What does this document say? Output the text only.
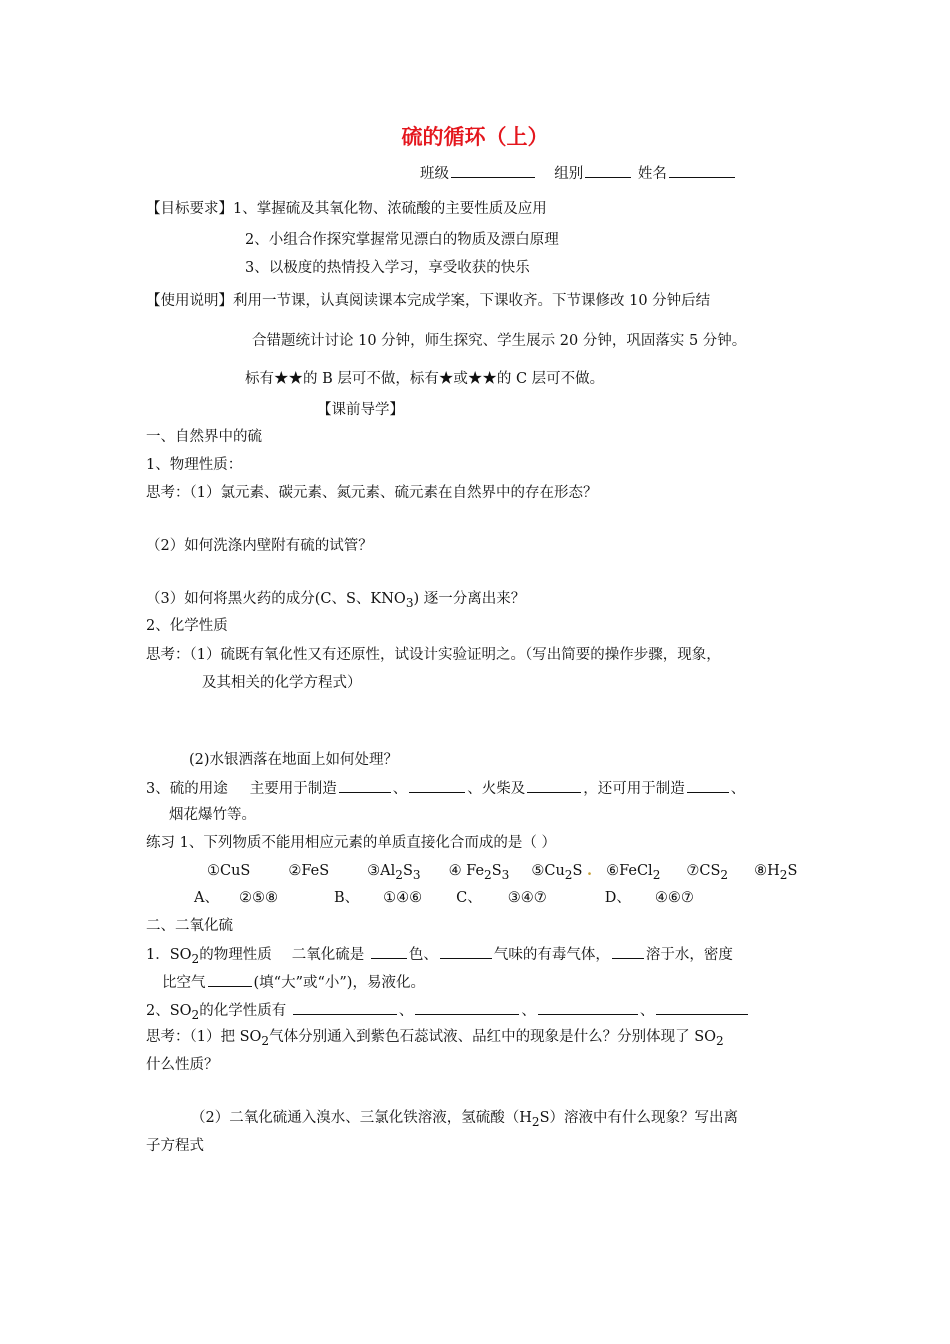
硫的循环（上）
班级	组别	姓名
【目标要求】1、掌握硫及其氧化物、浓硫酸的主要性质及应用
2、小组合作探究掌握常见漂白的物质及漂白原理
3、以极度的热情投入学习，享受收获的快乐
【使用说明】利用一节课，认真阅读课本完成学案，下课收齐。下节课修改 10 分钟后结
合错题统计讨论 10 分钟，师生探究、学生展示 20 分钟，巩固落实 5 分钟。
标有★★的 B 层可不做，标有★或★★的 C 层可不做。
【课前导学】
一、自然界中的硫
1、物理性质：
思考：（1）氯元素、碳元素、氮元素、硫元素在自然界中的存在形态？
（2）如何洗涤内壁附有硫的试管？
（3）如何将黑火药的成分(C、S、$KNO_3$) 逐一分离出来？
2、化学性质
思考：（1）硫既有氧化性又有还原性，试设计实验证明之。（写出简要的操作步骤，现象，
及其相关的化学方程式）
(2)水银洒落在地面上如何处理？
3、硫的用途 主要用于制造	、	、火柴及	，还可用于制造	、
烟花爆竹等。
练习 1、下列物质不能用相应元素的单质直接化合而成的是（ ）
①CuS	②FeS	$③Al_2S_3$ ④ $Fe_2S_3$ $⑤Cu_2S$ . ⑥FeCl$_2$ $⑦CS_2$ $⑧H_2S$
A、 ②⑤⑧	B、 ①④⑥ C、 ③④⑦	D、 ④⑥⑦
二、二氧化硫
1．$SO_2$的物理性质 二氧化硫是	色、	气味的有毒气体， 溶于水，密度
比空气	(填“大”或“小”)，易液化。
2、$SO_2$的化学性质有	、	、	、
思考：（1）把 $SO_2$气体分别通入到紫色石蕊试液、品红中的现象是什么？分别体现了 $SO_2$
什么性质？
（2）二氧化硫通入溴水、三氯化铁溶液，氢硫酸$(H_2S)$溶液中有什么现象？写出离
子方程式
